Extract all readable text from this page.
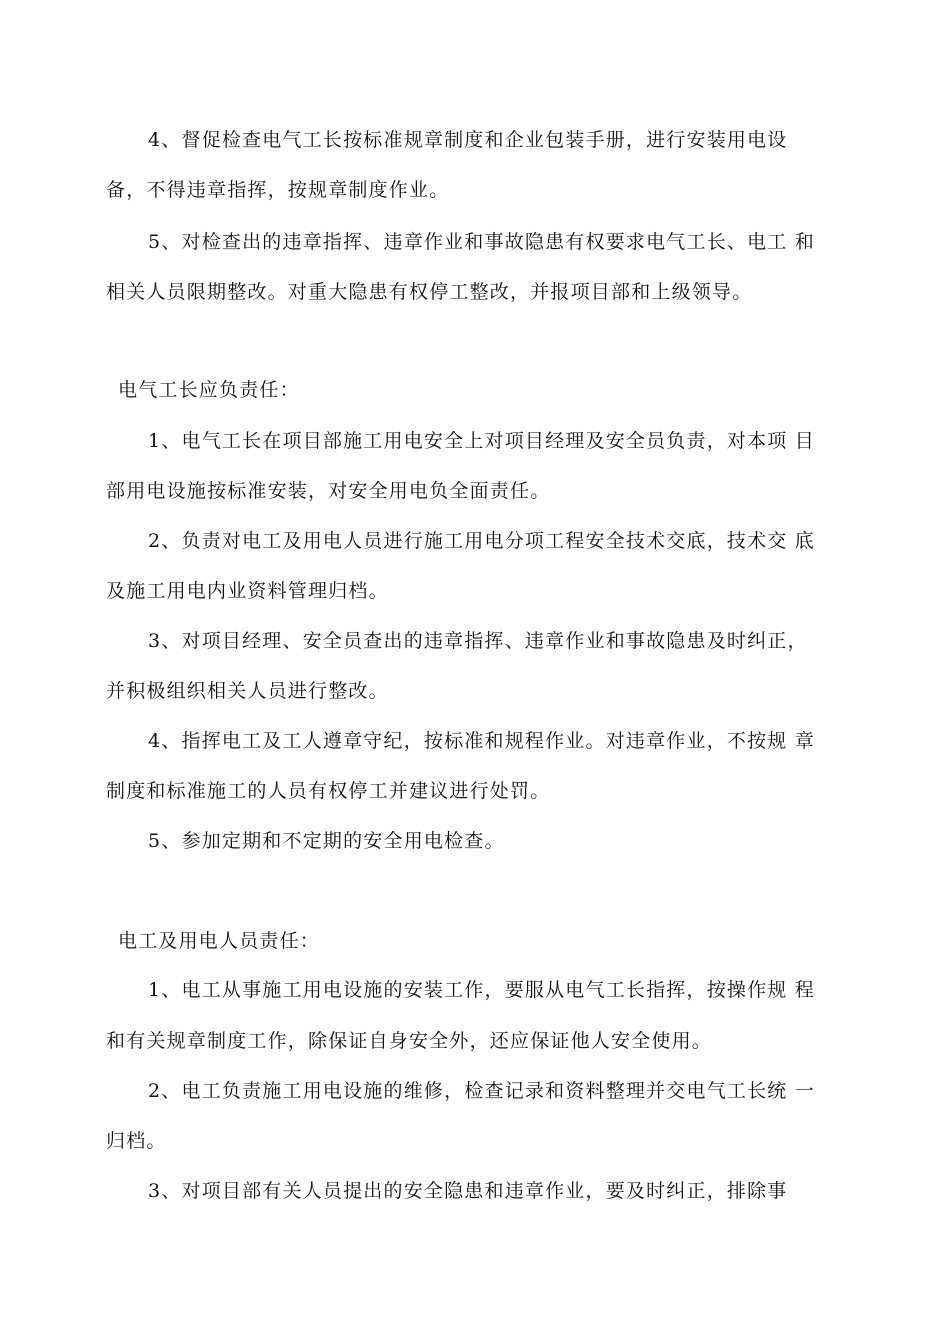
4、督促检查电气工长按标准规章制度和企业包装手册，进行安装用电设
备，不得违章指挥，按规章制度作业。
5、对检查出的违章指挥、违章作业和事故隐患有权要求电气工长、电工 和
相关人员限期整改。对重大隐患有权停工整改，并报项目部和上级领导。
电气工长应负责任：
1、电气工长在项目部施工用电安全上对项目经理及安全员负责，对本项 目
部用电设施按标准安装，对安全用电负全面责任。
2、负责对电工及用电人员进行施工用电分项工程安全技术交底，技术交 底
及施工用电内业资料管理归档。
3、对项目经理、安全员查出的违章指挥、违章作业和事故隐患及时纠正，
并积极组织相关人员进行整改。
4、指挥电工及工人遵章守纪，按标准和规程作业。对违章作业，不按规 章
制度和标准施工的人员有权停工并建议进行处罚。
5、参加定期和不定期的安全用电检查。
电工及用电人员责任：
1、电工从事施工用电设施的安装工作，要服从电气工长指挥，按操作规 程
和有关规章制度工作，除保证自身安全外，还应保证他人安全使用。
2、电工负责施工用电设施的维修，检查记录和资料整理并交电气工长统 一
归档。
3、对项目部有关人员提出的安全隐患和违章作业，要及时纠正，排除事
